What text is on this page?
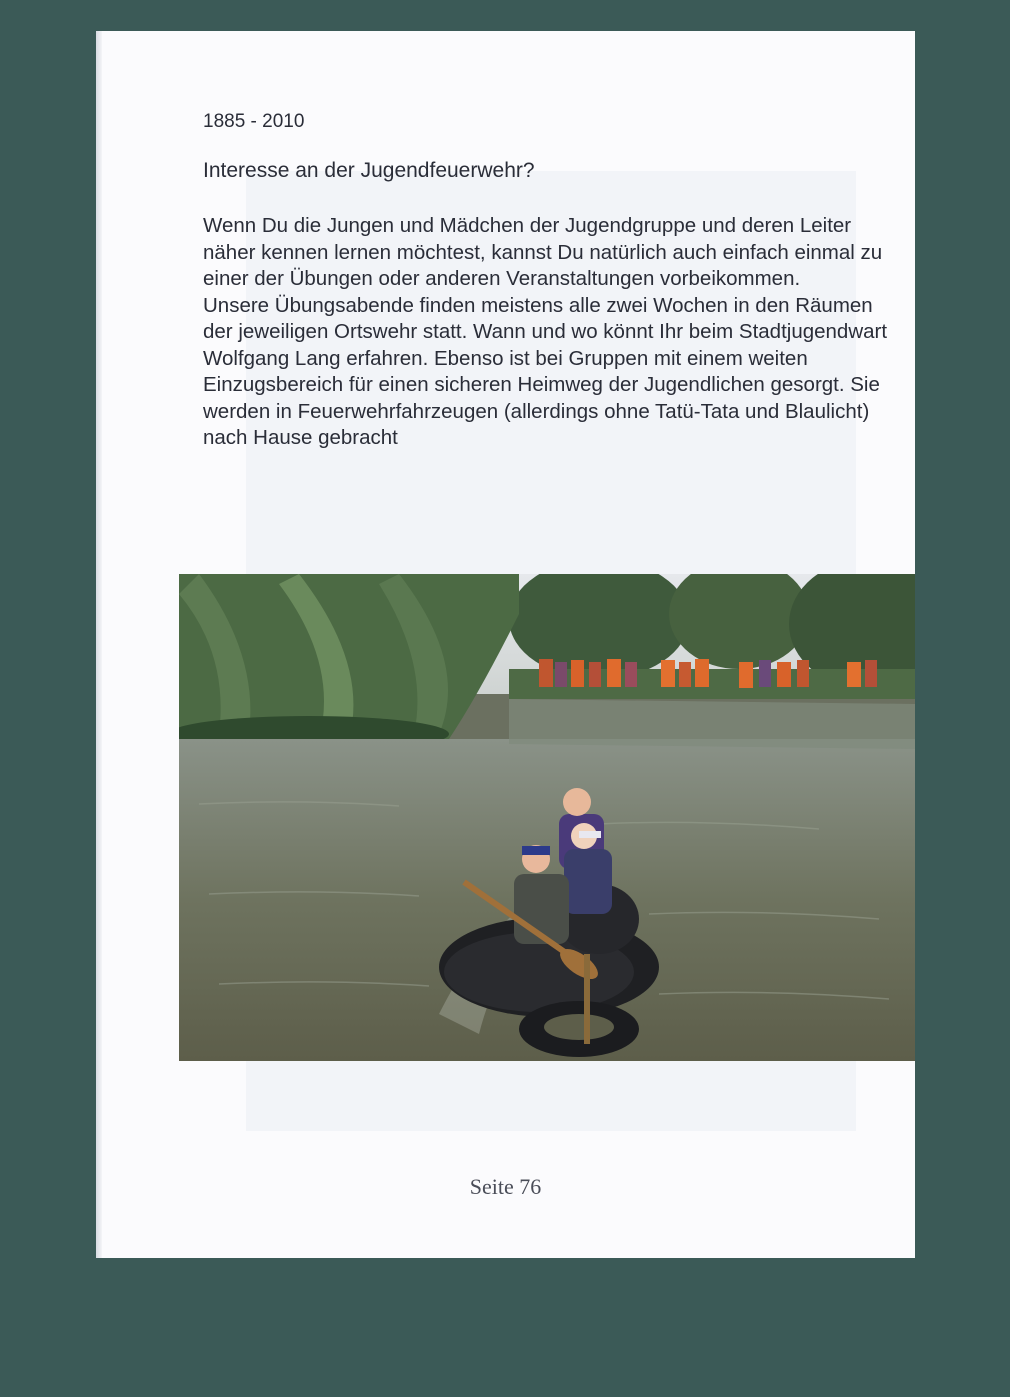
1885 - 2010

Interesse an der Jugendfeuerwehr?

Wenn Du die Jungen und Mädchen der Jugendgruppe und deren Leiter näher kennen lernen möchtest, kannst Du natürlich auch einfach einmal zu einer der Übungen oder anderen Veranstaltungen vorbeikommen.

Unsere Übungsabende finden meistens alle zwei Wochen in den Räumen der jeweiligen Ortswehr statt. Wann und wo könnt Ihr beim Stadtjugendwart Wolfgang Lang erfahren. Ebenso ist bei Gruppen mit einem weiten Einzugsbereich für einen sicheren Heimweg der Jugendlichen gesorgt. Sie werden in Feuerwehrfahrzeugen (allerdings ohne Tatü-Tata und Blaulicht) nach Hause gebracht

Seite 76
